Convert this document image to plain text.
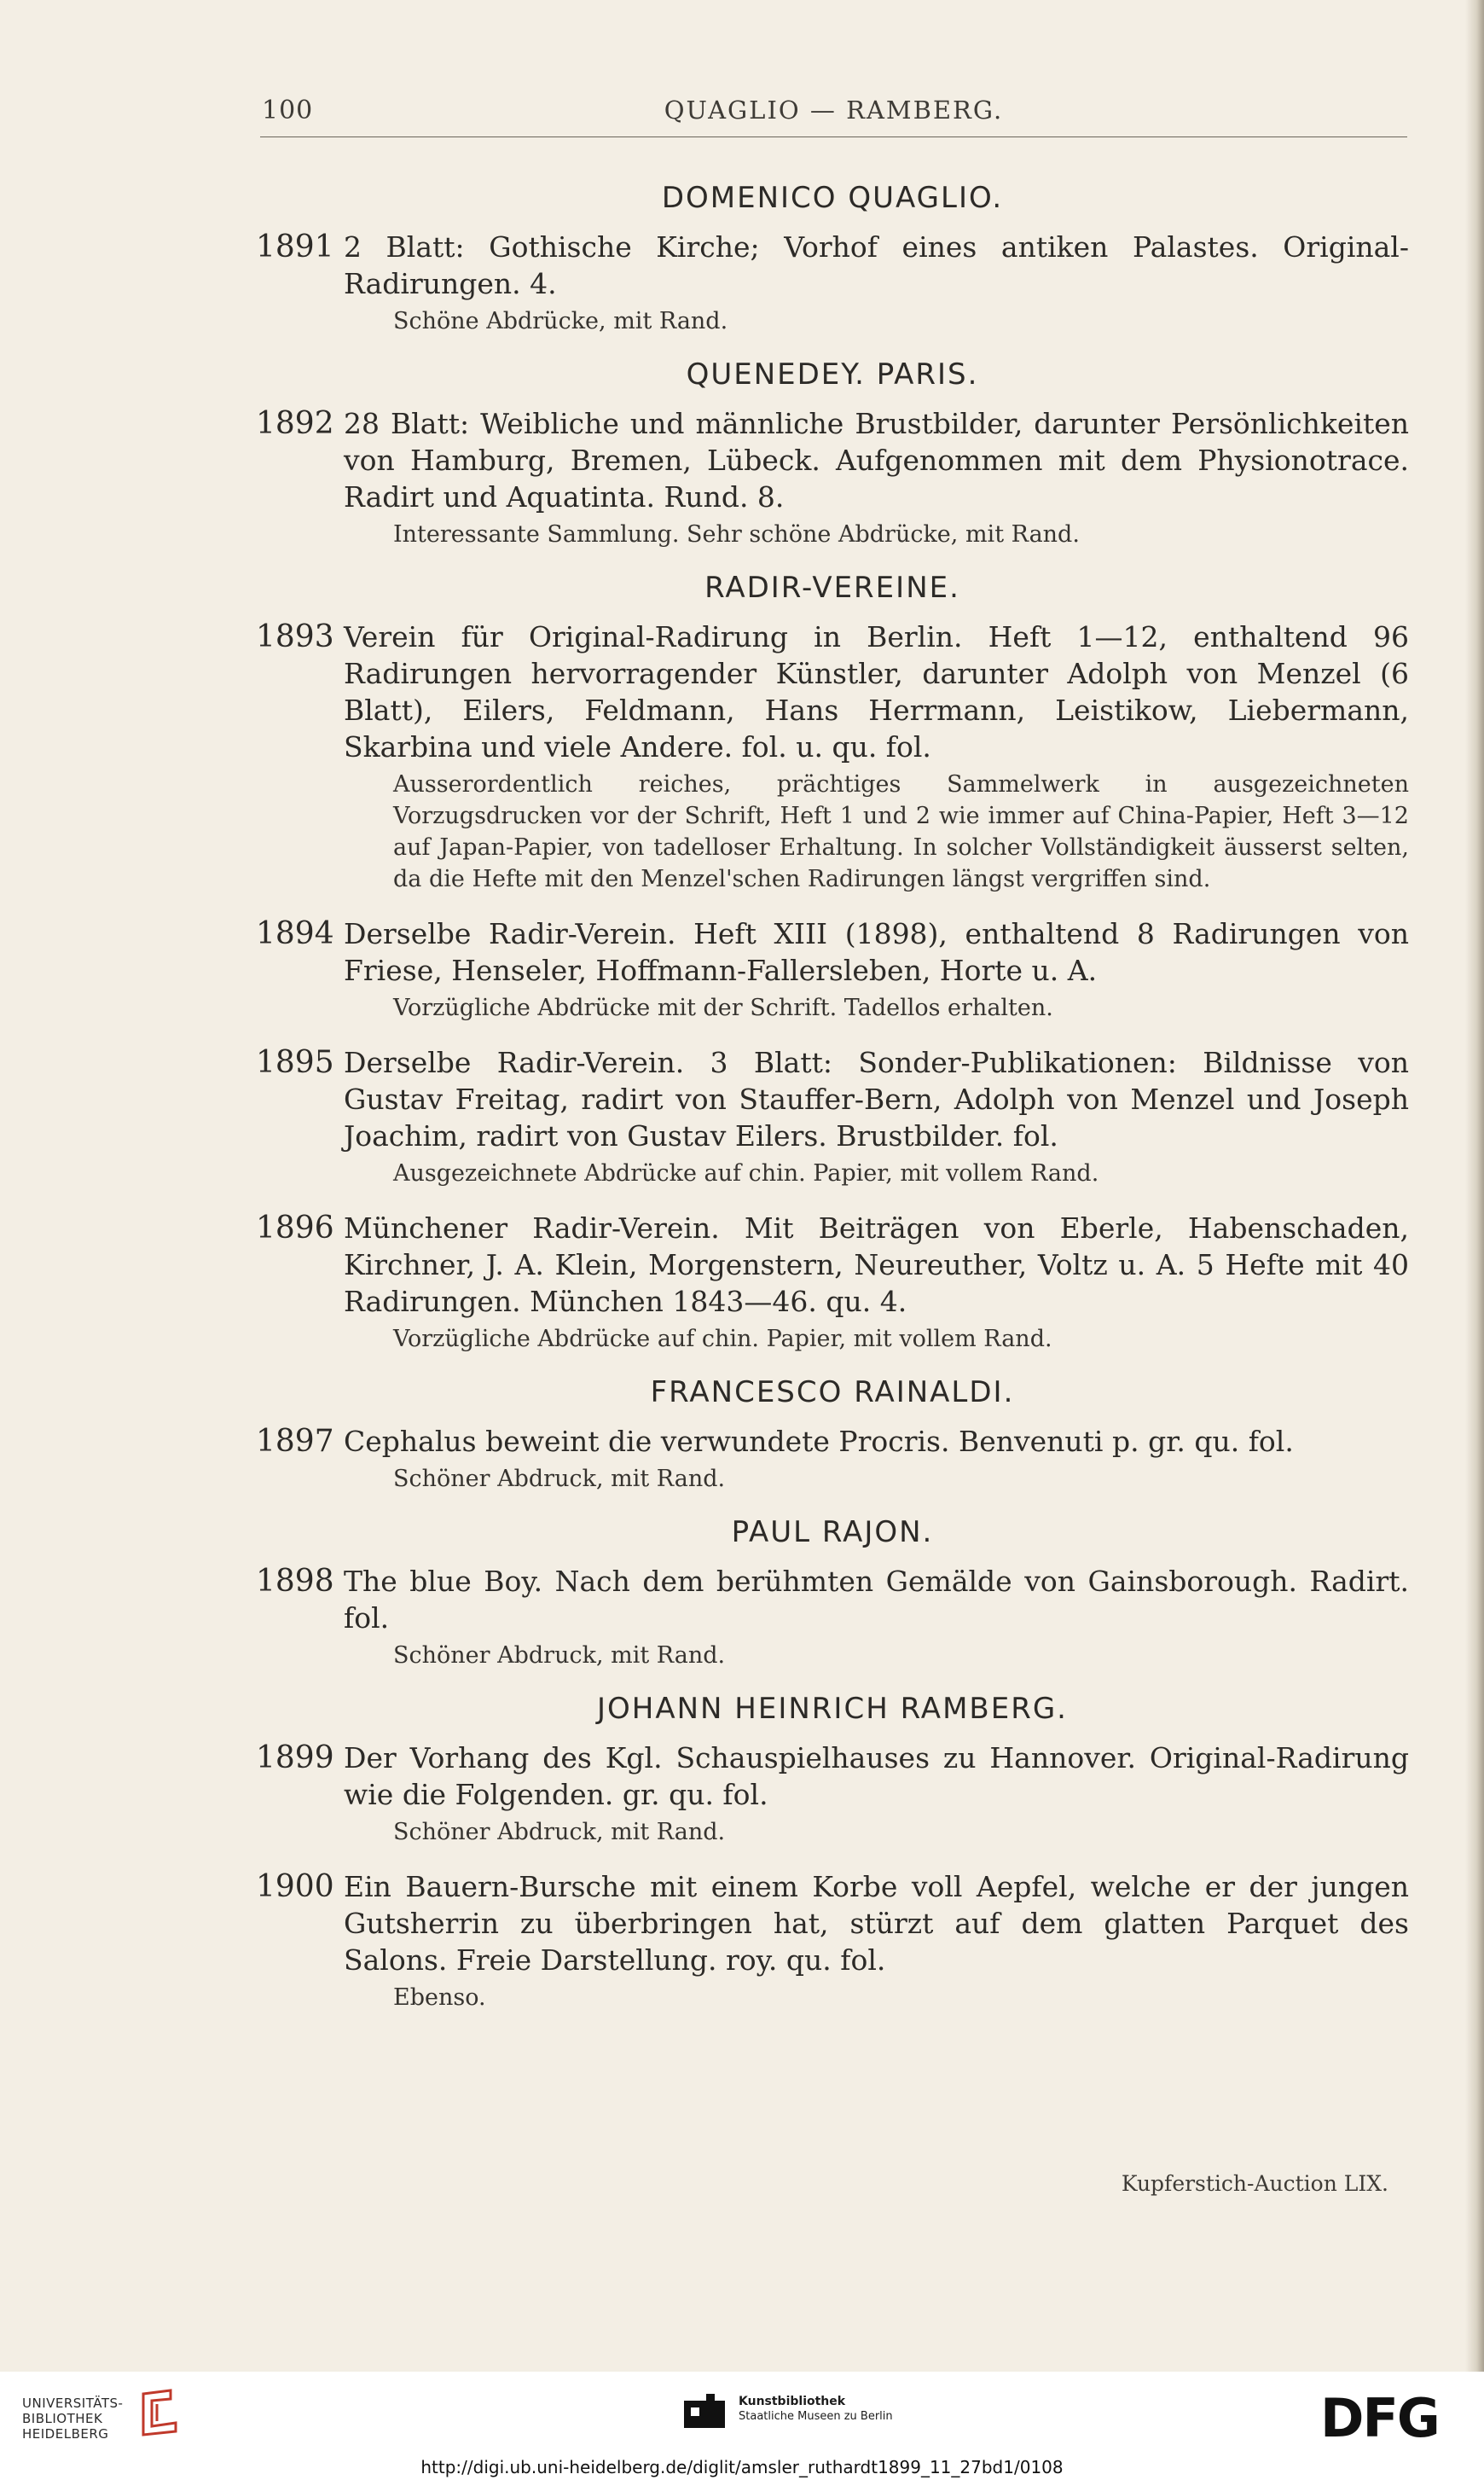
100	QUAGLIO — RAMBERG.
DOMENICO QUAGLIO.
1891 2 Blatt: Gothische Kirche; Vorhof eines antiken Palastes. Original-Radirungen. 4.

Schöne Abdrücke, mit Rand.

QUENEDEY. PARIS.
1892 28 Blatt: Weibliche und männliche Brustbilder, darunter Persönlichkeiten von Hamburg, Bremen, Lübeck. Aufgenommen mit dem Physionotrace. Radirt und Aquatinta. Rund. 8.

Interessante Sammlung. Sehr schöne Abdrücke, mit Rand.

RADIR-VEREINE.
1893 Verein für Original-Radirung in Berlin. Heft 1—12, enthaltend 96 Radirungen hervorragender Künstler, darunter Adolph von Menzel (6 Blatt), Eilers, Feldmann, Hans Herrmann, Leistikow, Liebermann, Skarbina und viele Andere. fol. u. qu. fol.

Ausserordentlich reiches, prächtiges Sammelwerk in ausgezeichneten Vorzugsdrucken vor der Schrift, Heft 1 und 2 wie immer auf China-Papier, Heft 3—12 auf Japan-Papier, von tadelloser Erhaltung. In solcher Vollständigkeit äusserst selten, da die Hefte mit den Menzel'schen Radirungen längst vergriffen sind.

1894 Derselbe Radir-Verein. Heft XIII (1898), enthaltend 8 Radirungen von Friese, Henseler, Hoffmann-Fallersleben, Horte u. A.

Vorzügliche Abdrücke mit der Schrift. Tadellos erhalten.

1895 Derselbe Radir-Verein. 3 Blatt: Sonder-Publikationen: Bildnisse von Gustav Freitag, radirt von Stauffer-Bern, Adolph von Menzel und Joseph Joachim, radirt von Gustav Eilers. Brustbilder. fol.

Ausgezeichnete Abdrücke auf chin. Papier, mit vollem Rand.

1896 Münchener Radir-Verein. Mit Beiträgen von Eberle, Habenschaden, Kirchner, J. A. Klein, Morgenstern, Neureuther, Voltz u. A. 5 Hefte mit 40 Radirungen. München 1843—46. qu. 4.

Vorzügliche Abdrücke auf chin. Papier, mit vollem Rand.

FRANCESCO RAINALDI.
1897 Cephalus beweint die verwundete Procris. Benvenuti p. gr. qu. fol.

Schöner Abdruck, mit Rand.

PAUL RAJON.
1898 The blue Boy. Nach dem berühmten Gemälde von Gainsborough. Radirt. fol.

Schöner Abdruck, mit Rand.

JOHANN HEINRICH RAMBERG.
1899 Der Vorhang des Kgl. Schauspielhauses zu Hannover. Original-Radirung wie die Folgenden. gr. qu. fol.

Schöner Abdruck, mit Rand.

1900 Ein Bauern-Bursche mit einem Korbe voll Aepfel, welche er der jungen Gutsherrin zu überbringen hat, stürzt auf dem glatten Parquet des Salons. Freie Darstellung. roy. qu. fol.

Ebenso.

Kupferstich-Auction LIX.
UNIVERSITÄTS-
BIBLIOTHEK
HEIDELBERG
Kunstbibliothek
Staatliche Museen zu Berlin	DFG
http://digi.ub.uni-heidelberg.de/diglit/amsler_ruthardt1899_11_27bd1/0108
